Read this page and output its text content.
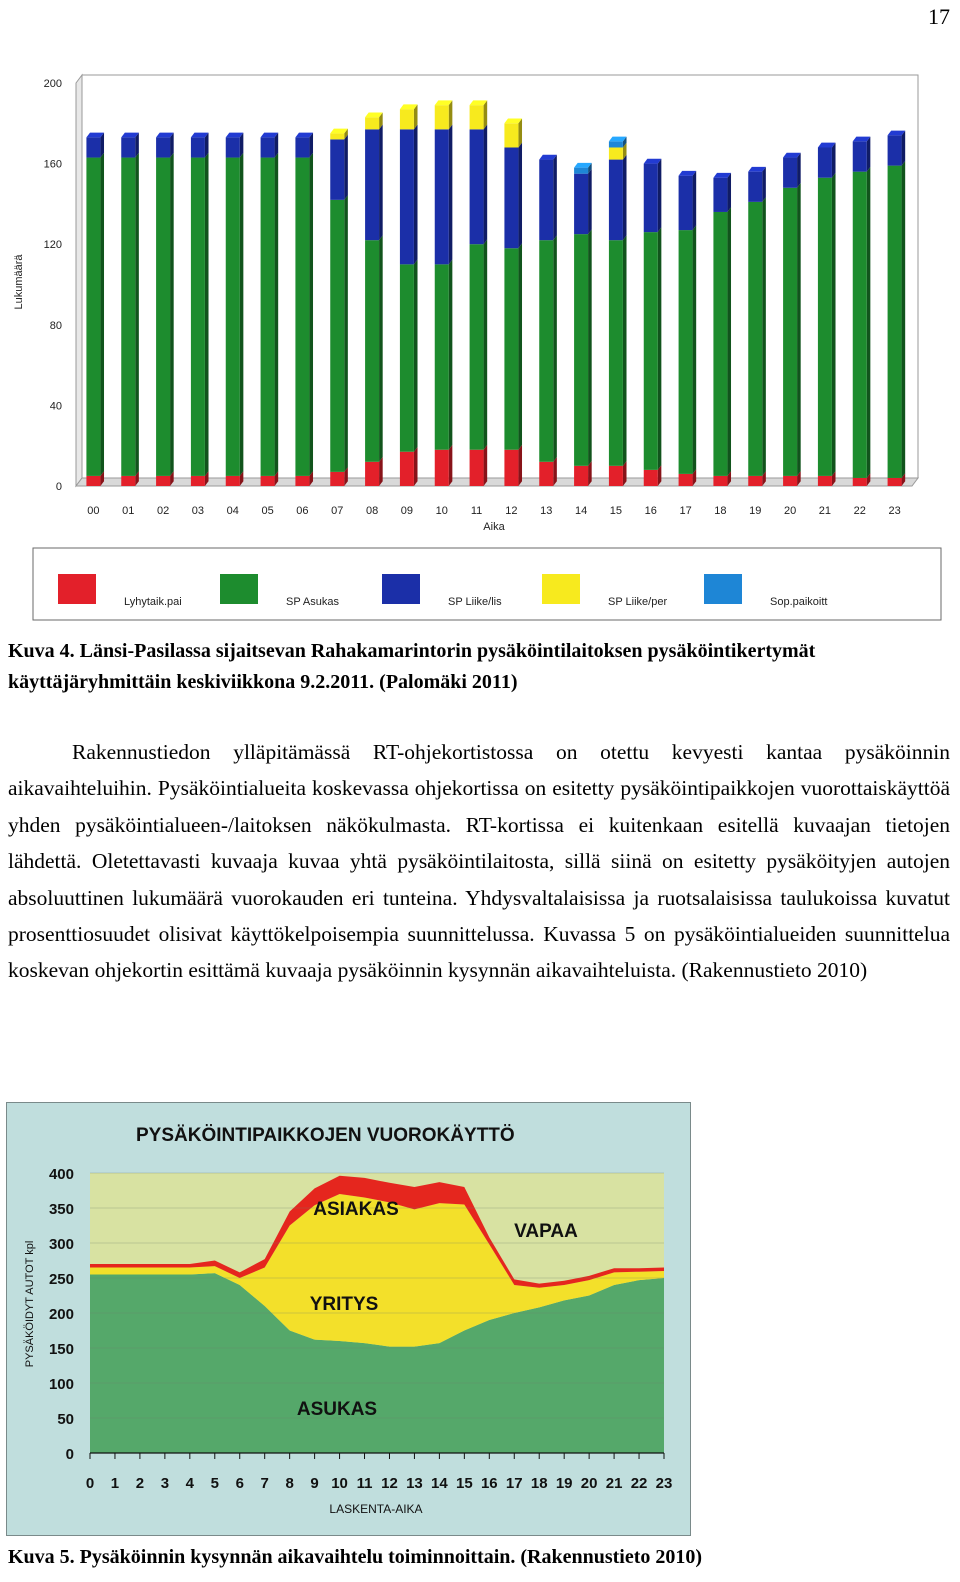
17
0
40
80
120
160
200
Lukumäärä
00 01 02 03 04 05 06 07 08 09 10 11 12 13 14 15 16 17 18 19 20 21 22 23
Aika
Lyhytaik.pai	SP Asukas	SP Liike/lis	SP Liike/per	Sop.paikoitt
Kuva 4. Länsi-Pasilassa sijaitsevan Rahakamarintorin pysäköintilaitoksen pysäköintikertymät käyttäjäryhmittäin keskiviikkona 9.2.2011. (Palomäki 2011)

Rakennustiedon ylläpitämässä RT-ohjekortistossa on otettu kevyesti kantaa pysäköinnin aikavaihteluihin. Pysäköintialueita koskevassa ohjekortissa on esitetty pysäköintipaikkojen vuorottaiskäyttöä yhden pysäköintialueen-/laitoksen näkökulmasta. RT-kortissa ei kuitenkaan esitellä kuvaajan tietojen lähdettä. Oletettavasti kuvaaja kuvaa yhtä pysäköintilaitosta, sillä siinä on esitetty pysäköityjen autojen absoluuttinen lukumäärä vuorokauden eri tunteina. Yhdysvaltalaisissa ja ruotsalaisissa taulukoissa kuvatut prosenttiosuudet olisivat käyttökelpoisempia suunnittelussa. Kuvassa 5 on pysäköintialueiden suunnittelua koskevan ohjekortin esittämä kuvaaja pysäköinnin kysynnän aikavaihteluista. (Rakennustieto 2010)

0
50
100
150
200
250
300
350
400
0 1 2 3 4 5 6 7 8 9 10 11 12 13 14 15 16 17 18 19 20 21 22 23
LASKENTA-AIKA
PYSÄKÖIDYT AUTOT kpl
PYSÄKÖINTIPAIKKOJEN VUOROKÄYTTÖ
ASIAKAS
VAPAA
YRITYS
ASUKAS
Kuva 5. Pysäköinnin kysynnän aikavaihtelu toiminnoittain. (Rakennustieto 2010)
